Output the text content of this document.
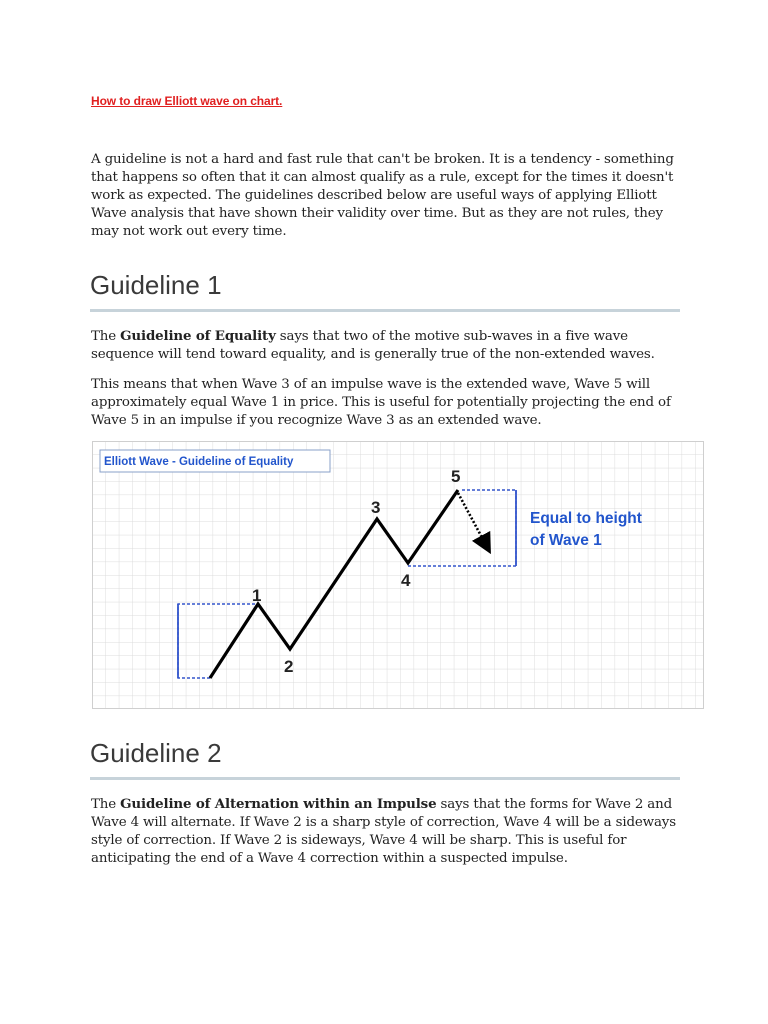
How to draw Elliott wave on chart.

A guideline is not a hard and fast rule that can't be broken. It is a tendency - something that happens so often that it can almost qualify as a rule, except for the times it doesn't work as expected. The guidelines described below are useful ways of applying Elliott Wave analysis that have shown their validity over time. But as they are not rules, they may not work out every time.

Guideline 1

The Guideline of Equality says that two of the motive sub-waves in a five wave sequence will tend toward equality, and is generally true of the non-extended waves.

This means that when Wave 3 of an impulse wave is the extended wave, Wave 5 will approximately equal Wave 1 in price. This is useful for potentially projecting the end of Wave 5 in an impulse if you recognize Wave 3 as an extended wave.

Elliott Wave - Guideline of Equality
1
2
3
4
5
Equal to height
of Wave 1
Guideline 2

The Guideline of Alternation within an Impulse says that the forms for Wave 2 and Wave 4 will alternate. If Wave 2 is a sharp style of correction, Wave 4 will be a sideways style of correction. If Wave 2 is sideways, Wave 4 will be sharp. This is useful for anticipating the end of a Wave 4 correction within a suspected impulse.
